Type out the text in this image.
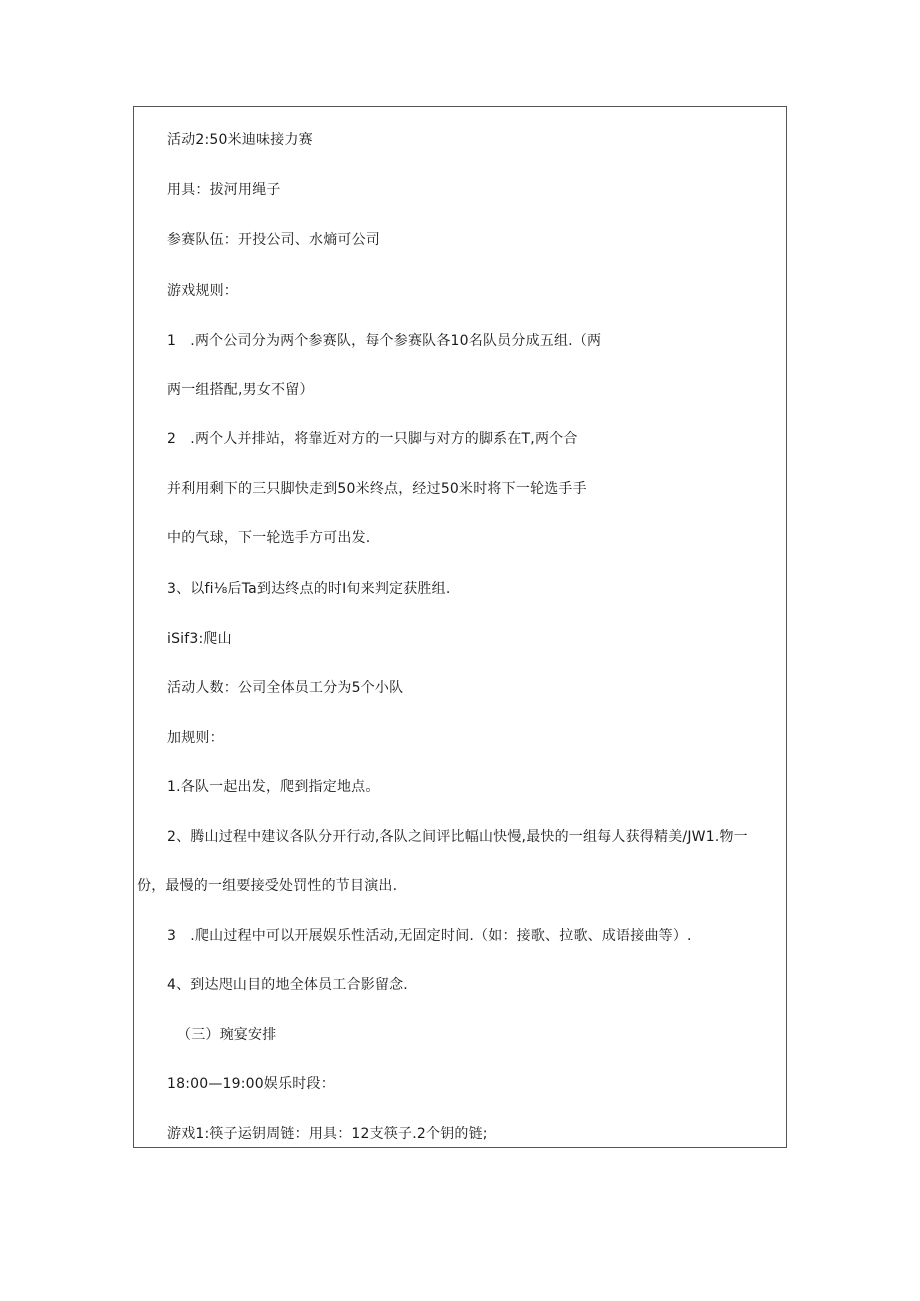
活动2:50米迪味接力赛
用具：拔河用绳子
参赛队伍：开投公司、水熵可公司
游戏规则：
1　.两个公司分为两个参赛队，每个参赛队各10名队员分成五组.（两
两一组搭配,男女不留）
2　.两个人并排站，将靠近对方的一只脚与对方的脚系在T,两个合
并利用剩下的三只脚快走到50米终点，经过50米时将下一轮选手手
中的气球，下一轮选手方可出发.
3、以fi⅛后Ta到达终点的时Ⅰ旬来判定获胜组.
iSif3:爬山
活动人数：公司全体员工分为5个小队
加规则：
1.各队一起出发，爬到指定地点。
2、腾山过程中建议各队分开行动,各队之间评比幅山快慢,最快的一组每人获得精美/JW1.物一
份，最慢的一组要接受处罚性的节目演出.
3　.爬山过程中可以开展娱乐性活动,无固定时间.（如：接歌、拉歌、成语接曲等）.
4、到达咫山目的地全体员工合影留念.
（三）琬宴安排
18:00—19:00娱乐时段：
游戏1:筷子运钥周链：用具：12支筷子.2个钥的链;
